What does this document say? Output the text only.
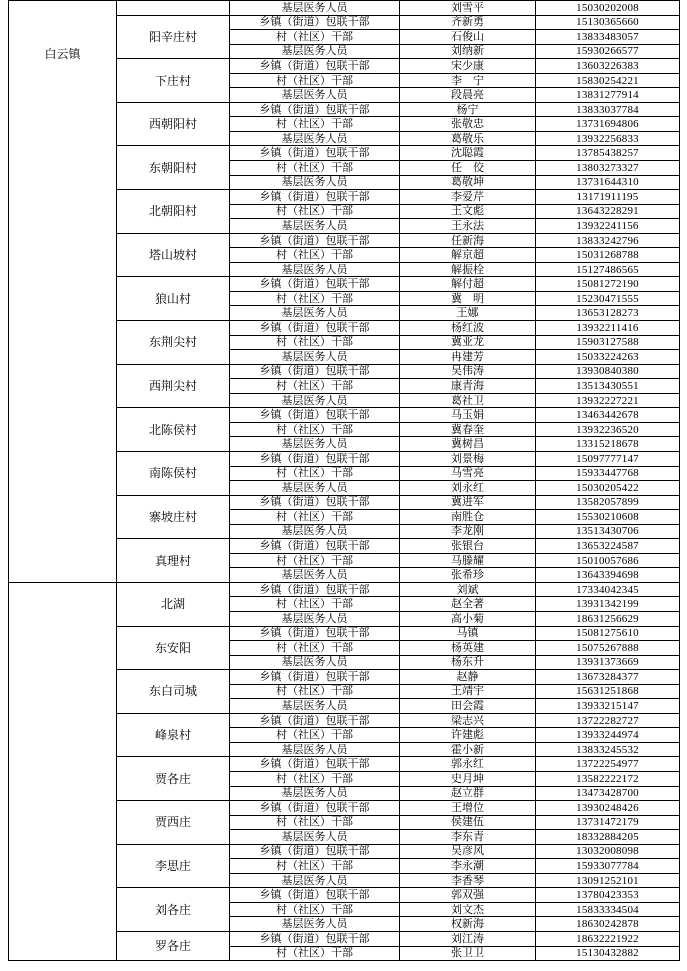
白云镇		基层医务人员	刘雪平	15030202008
	阳辛庄村	乡镇（街道）包联干部	齐新勇	15130365660
		村（社区）干部	石俊山	13833483057
		基层医务人员	刘纳新	15930266577
	下庄村	乡镇（街道）包联干部	宋少康	13603226383
		村（社区）干部	李　宁	15830254221
		基层医务人员	段晨亮	13831277914
	西朝阳村	乡镇（街道）包联干部	杨宁	13833037784
		村（社区）干部	张敬忠	13731694806
		基层医务人员	葛敬乐	13932256833
	东朝阳村	乡镇（街道）包联干部	沈聪霞	13785438257
		村（社区）干部	任　佼	13803273327
		基层医务人员	葛敬坤	13731644310
	北朝阳村	乡镇（街道）包联干部	李爱芹	13171911195
		村（社区）干部	王文彪	13643228291
		基层医务人员	王永法	13932241156
	塔山坡村	乡镇（街道）包联干部	任新海	13833242796
		村（社区）干部	解京超	15031268788
		基层医务人员	解振栓	15127486565
	狼山村	乡镇（街道）包联干部	解付超	15081272190
		村（社区）干部	冀　明	15230471555
		基层医务人员	王娜	13653128273
	东荆尖村	乡镇（街道）包联干部	杨红波	13932211416
		村（社区）干部	冀亚龙	15903127588
		基层医务人员	冉建芳	15033224263
	西荆尖村	乡镇（街道）包联干部	吴伟涛	13930840380
		村（社区）干部	康青海	13513430551
		基层医务人员	葛社卫	13932227221
	北陈侯村	乡镇（街道）包联干部	马玉娟	13463442678
		村（社区）干部	冀春奎	13932236520
		基层医务人员	冀树昌	13315218678
	南陈侯村	乡镇（街道）包联干部	刘景梅	15097777147
		村（社区）干部	马雪亮	15933447768
		基层医务人员	刘永红	15030205422
	寨坡庄村	乡镇（街道）包联干部	冀进军	13582057899
		村（社区）干部	南胜仓	15530210608
		基层医务人员	李龙刚	13513430706
	真理村	乡镇（街道）包联干部	张银台	13653224587
		村（社区）干部	马滕耀	15010057686
		基层医务人员	张希珍	13643394698
	北湖	乡镇（街道）包联干部	刘斌	17334042345
		村（社区）干部	赵全著	13931342199
		基层医务人员	高小菊	18631256629
	东安阳	乡镇（街道）包联干部	马镇	15081275610
		村（社区）干部	杨英建	15075267888
		基层医务人员	杨东升	13931373669
	东白司城	乡镇（街道）包联干部	赵静	13673284377
		村（社区）干部	王靖宇	15631251868
		基层医务人员	田会霞	13933215147
	峰泉村	乡镇（街道）包联干部	梁志兴	13722282727
		村（社区）干部	许建彪	13933244974
		基层医务人员	霍小新	13833245532
	贾各庄	乡镇（街道）包联干部	郭永红	13722254977
		村（社区）干部	史月坤	13582222172
		基层医务人员	赵立群	13473428700
	贾西庄	乡镇（街道）包联干部	王增位	13930248426
		村（社区）干部	侯建伍	13731472179
		基层医务人员	李东青	18332884205
	李思庄	乡镇（街道）包联干部	吴彦风	13032008098
		村（社区）干部	李永潮	15933077784
		基层医务人员	李香琴	13091252101
	刘各庄	乡镇（街道）包联干部	郭双强	13780423353
		村（社区）干部	刘文杰	15833334504
		基层医务人员	权新海	18630242878
	罗各庄	乡镇（街道）包联干部	刘江涛	18632221922
		村（社区）干部	张卫卫	15130432882
